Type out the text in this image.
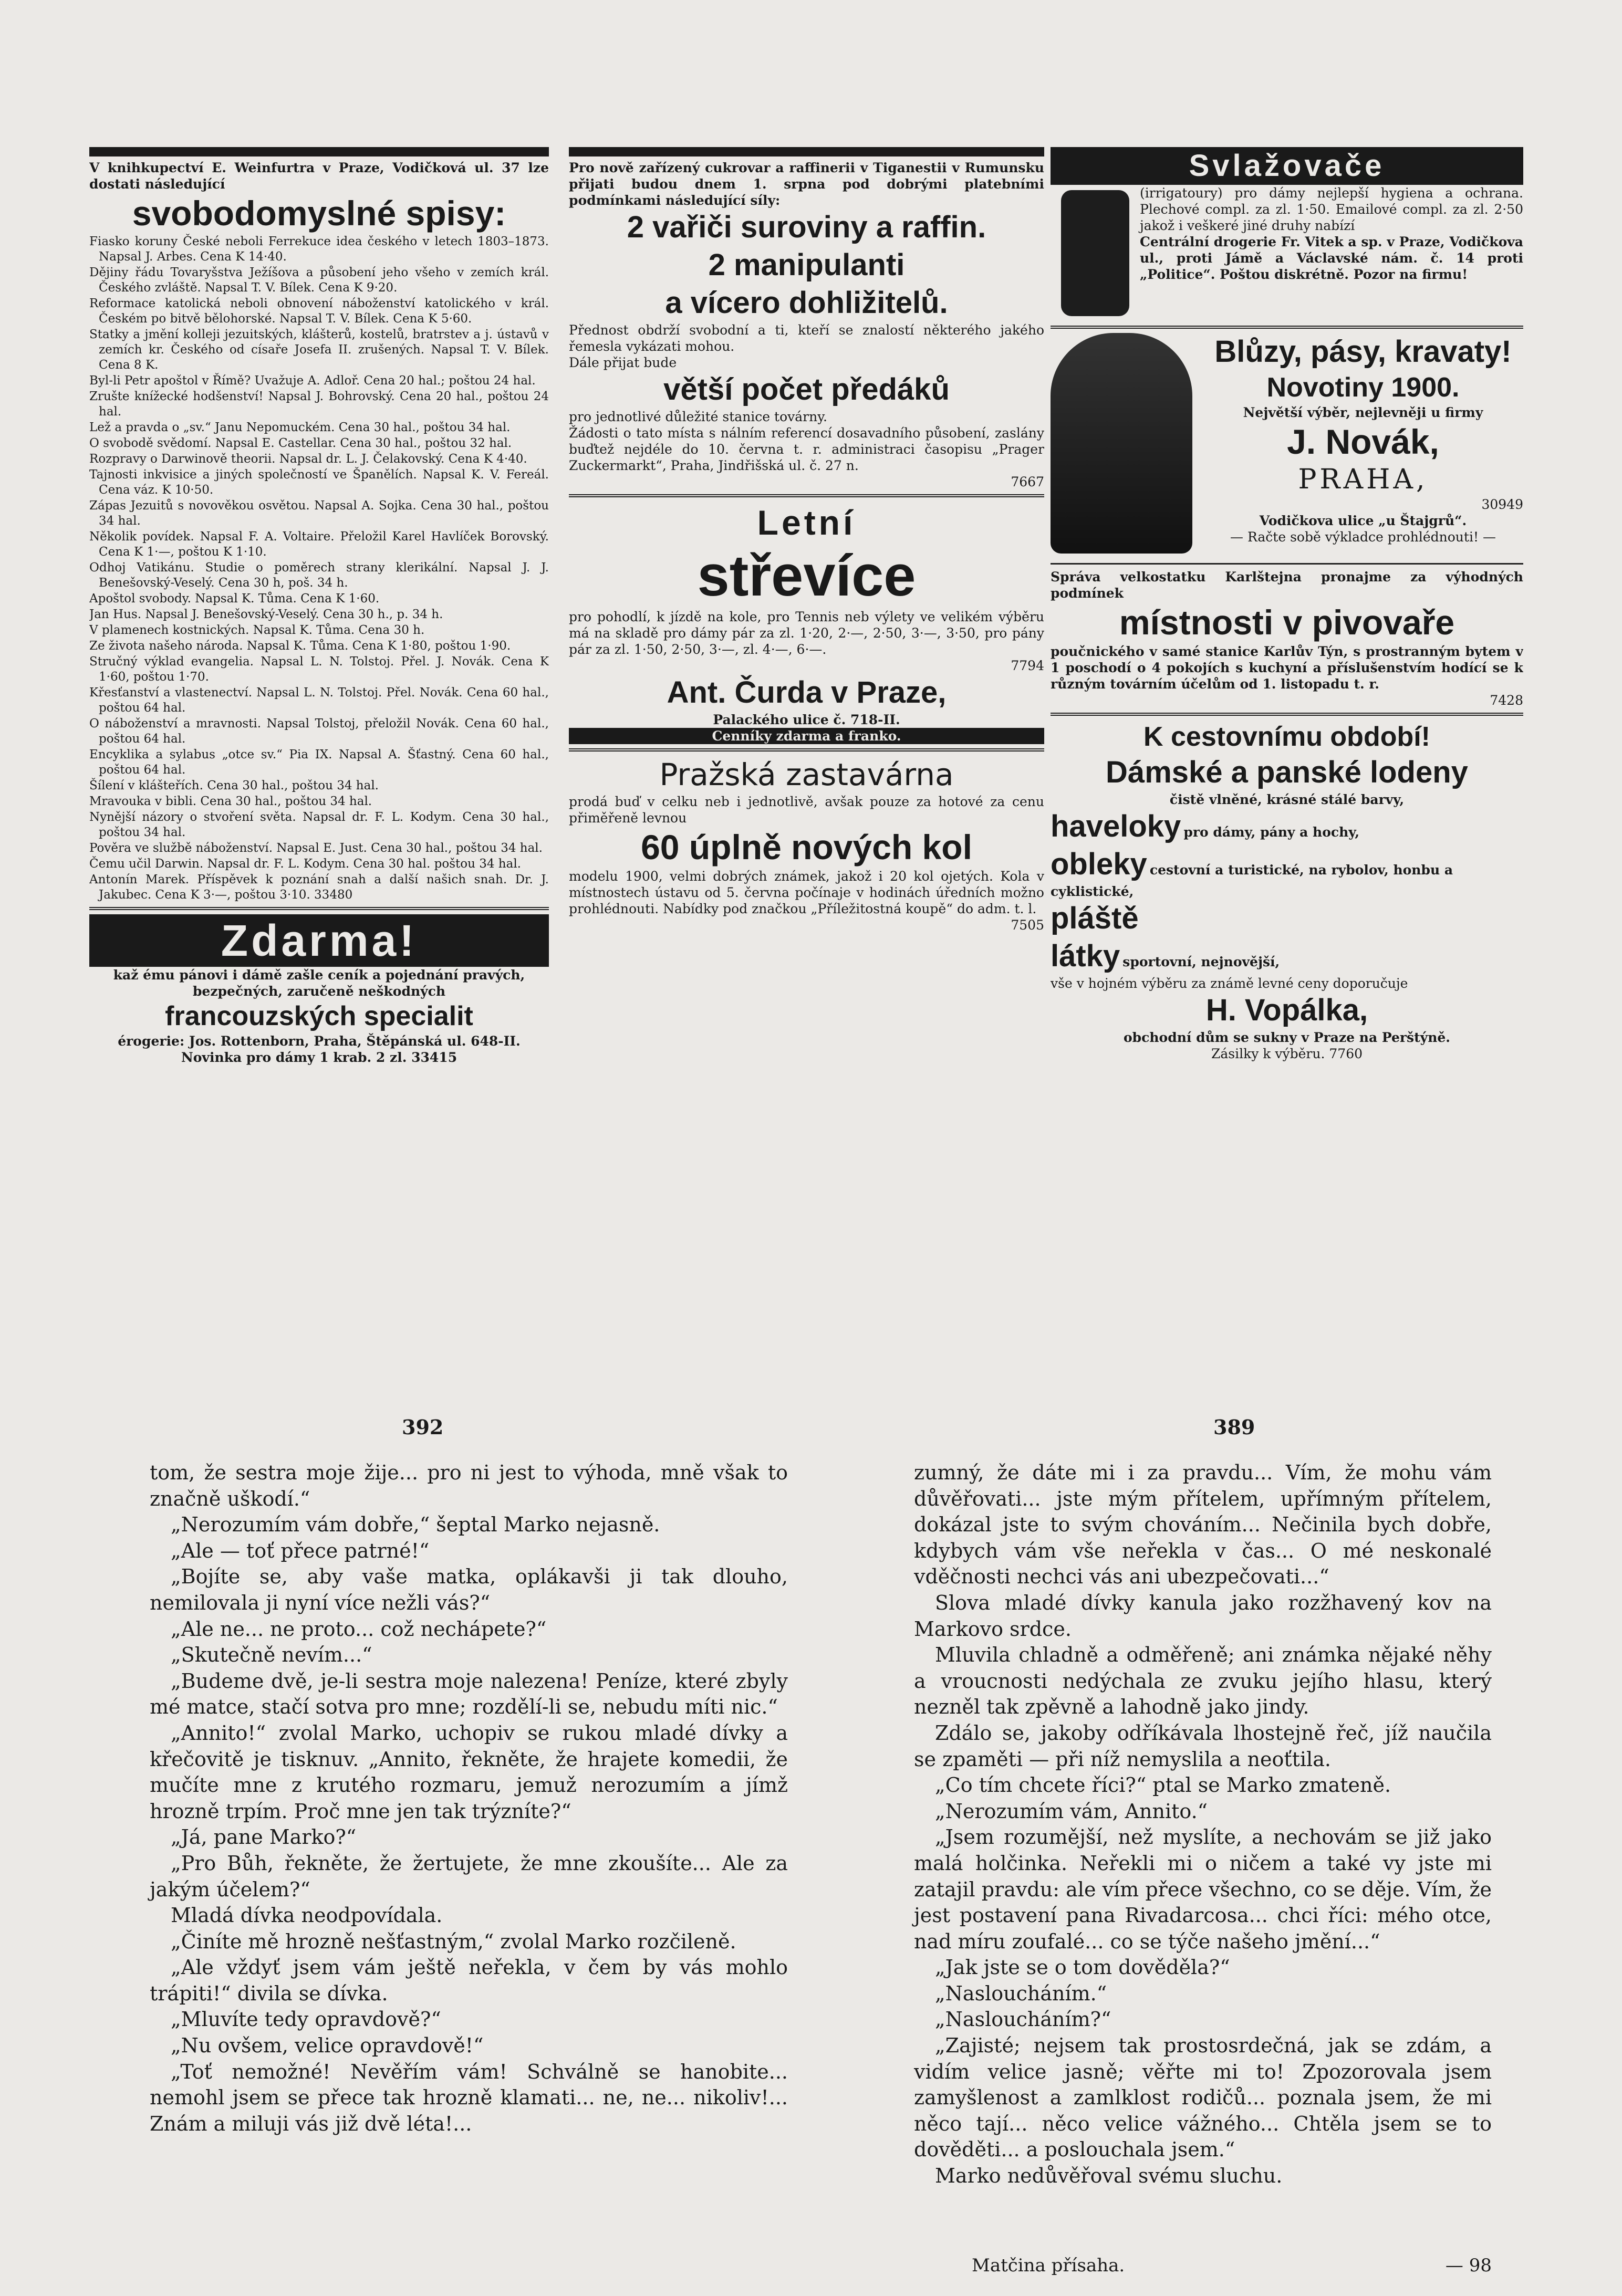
V knihkupectví E. Weinfurtra v Praze, Vodičková ul. 37 lze dostati následující

svobodomyslné spisy:

Fiasko koruny České neboli Ferrekuce idea českého v letech 1803–1873. Napsal J. Arbes. Cena K 14·40.

Dějiny řádu Tovaryšstva Ježíšova a působení jeho všeho v zemích král. Českého zvláště. Napsal T. V. Bílek. Cena K 9·20.

Reformace katolická neboli obnovení náboženství katolického v král. Českém po bitvě bělohorské. Napsal T. V. Bílek. Cena K 5·60.

Statky a jmění kolleji jezuitských, klášterů, kostelů, bratrstev a j. ústavů v zemích kr. Českého od císaře Josefa II. zrušených. Napsal T. V. Bílek. Cena 8 K.

Byl-li Petr apoštol v Římě? Uvažuje A. Adloř. Cena 20 hal.; poštou 24 hal.

Zrušte knížecké hodšenství! Napsal J. Bohrovský. Cena 20 hal., poštou 24 hal.

Lež a pravda o „sv.“ Janu Nepomuckém. Cena 30 hal., poštou 34 hal.

O svobodě svědomí. Napsal E. Castellar. Cena 30 hal., poštou 32 hal.

Rozpravy o Darwinově theorii. Napsal dr. L. J. Čelakovský. Cena K 4·40.

Tajnosti inkvisice a jiných společností ve Španělích. Napsal K. V. Fereál. Cena váz. K 10·50.

Zápas Jezuitů s novověkou osvětou. Napsal A. Sojka. Cena 30 hal., poštou 34 hal.

Několik povídek. Napsal F. A. Voltaire. Přeložil Karel Havlíček Borovský. Cena K 1·—, poštou K 1·10.

Odhoj Vatikánu. Studie o poměrech strany klerikální. Napsal J. J. Benešovský-Veselý. Cena 30 h, poš. 34 h.

Apoštol svobody. Napsal K. Tůma. Cena K 1·60.

Jan Hus. Napsal J. Benešovský-Veselý. Cena 30 h., p. 34 h.

V plamenech kostnických. Napsal K. Tůma. Cena 30 h.

Ze života našeho národa. Napsal K. Tůma. Cena K 1·80, poštou 1·90.

Stručný výklad evangelia. Napsal L. N. Tolstoj. Přel. J. Novák. Cena K 1·60, poštou 1·70.

Křesťanství a vlastenectví. Napsal L. N. Tolstoj. Přel. Novák. Cena 60 hal., poštou 64 hal.

O náboženství a mravnosti. Napsal Tolstoj, přeložil Novák. Cena 60 hal., poštou 64 hal.

Encyklika a sylabus „otce sv.“ Pia IX. Napsal A. Šťastný. Cena 60 hal., poštou 64 hal.

Šílení v klášteřích. Cena 30 hal., poštou 34 hal.

Mravouka v bibli. Cena 30 hal., poštou 34 hal.

Nynější názory o stvoření světa. Napsal dr. F. L. Kodym. Cena 30 hal., poštou 34 hal.

Pověra ve službě náboženství. Napsal E. Just. Cena 30 hal., poštou 34 hal.

Čemu učil Darwin. Napsal dr. F. L. Kodym. Cena 30 hal. poštou 34 hal.

Antonín Marek. Příspěvek k poznání snah a další našich snah. Dr. J. Jakubec. Cena K 3·—, poštou 3·10. 33480

Zdarma!

kaž ému pánovi i dámě zašle ceník a pojednání pravých, bezpečných, zaručeně neškodných

francouzských specialit

érogerie: Jos. Rottenborn, Praha, Štěpánská ul. 648-II. Novinka pro dámy 1 krab. 2 zl. 33415

Pro nově zařízený cukrovar a raffinerii v Tiganestii v Rumunsku přijati budou dnem 1. srpna pod dobrými platebními podmínkami následující síly:

2 vařiči suroviny a raffin.
2 manipulanti
a vícero dohližitelů.

Přednost obdrží svobodní a ti, kteří se znalostí některého jakého řemesla vykázati mohou.

Dále přijat bude

větší počet předáků

pro jednotlivé důležité stanice továrny.

Žádosti o tato místa s nálním referencí dosavadního působení, zaslány buďtež nejdéle do 10. června t. r. administraci časopisu „Prager Zuckermarkt“, Praha, Jindřišská ul. č. 27 n.

7667

Letní
střevíce

pro pohodlí, k jízdě na kole, pro Tennis neb výlety ve velikém výběru má na skladě pro dámy pár za zl. 1·20, 2·—, 2·50, 3·—, 3·50, pro pány pár za zl. 1·50, 2·50, 3·—, zl. 4·—, 6·—.

7794

Ant. Čurda v Praze,

Palackého ulice č. 718-II.

Cenníky zdarma a franko.
Pražská zastavárna

prodá buď v celku neb i jednotlivě, avšak pouze za hotové za cenu přiměřeně levnou

60 úplně nových kol

modelu 1900, velmi dobrých známek, jakož i 20 kol ojetých. Kola v místnostech ústavu od 5. června počínaje v hodinách úředních možno prohlédnouti. Nabídky pod značkou „Příležitostná koupě“ do adm. t. l.

7505

Svlažovače

(irrigatoury) pro dámy nejlepší hygiena a ochrana. Plechové compl. za zl. 1·50. Emailové compl. za zl. 2·50 jakož i veškeré jiné druhy nabízí

Centrální drogerie Fr. Vitek a sp. v Praze, Vodičkova ul., proti Jámě a Václavské nám. č. 14 proti „Politice“. Poštou diskrétně. Pozor na firmu!

Blůzy, pásy, kravaty!
Novotiny 1900.

Největší výběr, nejlevněji u firmy

J. Novák,
PRAHA,

30949

Vodičkova ulice „u Štajgrů“.

— Račte sobě výkladce prohlédnouti! —

Správa velkostatku Karlštejna pronajme za výhodných podmínek

místnosti v pivovaře

poučnického v samé stanice Karlův Týn, s prostranným bytem v 1 poschodí o 4 pokojích s kuchyní a příslušenstvím hodící se k různým továrním účelům od 1. listopadu t. r.

7428

K cestovnímu období!
Dámské a panské lodeny

čistě vlněné, krásné stálé barvy,

haveloky pro dámy, pány a hochy,
obleky cestovní a turistické, na rybolov, honbu a cyklistické,
pláště
látky sportovní, nejnovější,

vše v hojném výběru za známě levné ceny doporučuje

H. Vopálka,

obchodní dům se sukny v Praze na Perštýně.

Zásilky k výběru. 7760

392	389

tom, že sestra moje žije... pro ni jest to výhoda, mně však to značně uškodí.“

„Nerozumím vám dobře,“ šeptal Marko nejasně.

„Ale — toť přece patrné!“

„Bojíte se, aby vaše matka, oplákavši ji tak dlouho, nemilovala ji nyní více nežli vás?“

„Ale ne... ne proto... což nechápete?“

„Skutečně nevím...“

„Budeme dvě, je-li sestra moje nalezena! Peníze, které zbyly mé matce, stačí sotva pro mne; rozdělí-li se, nebudu míti nic.“

„Annito!“ zvolal Marko, uchopiv se rukou mladé dívky a křečovitě je tisknuv. „Annito, řekněte, že hrajete komedii, že mučíte mne z krutého rozmaru, jemuž nerozumím a jímž hrozně trpím. Proč mne jen tak trýzníte?“

„Já, pane Marko?“

„Pro Bůh, řekněte, že žertujete, že mne zkoušíte... Ale za jakým účelem?“

Mladá dívka neodpovídala.

„Činíte mě hrozně nešťastným,“ zvolal Marko rozčileně.

„Ale vždyť jsem vám ještě neřekla, v čem by vás mohlo trápiti!“ divila se dívka.

„Mluvíte tedy opravdově?“

„Nu ovšem, velice opravdově!“

„Toť nemožné! Nevěřím vám! Schválně se hanobite... nemohl jsem se přece tak hrozně klamati... ne, ne... nikoliv!... Znám a miluji vás již dvě léta!...

zumný, že dáte mi i za pravdu... Vím, že mohu vám důvěřovati... jste mým přítelem, upřímným přítelem, dokázal jste to svým chováním... Nečinila bych dobře, kdybych vám vše neřekla v čas... O mé neskonalé vděčnosti nechci vás ani ubezpečovati...“

Slova mladé dívky kanula jako rozžhavený kov na Markovo srdce.

Mluvila chladně a odměřeně; ani známka nějaké něhy a vroucnosti nedýchala ze zvuku jejího hlasu, který nezněl tak zpěvně a lahodně jako jindy.

Zdálo se, jakoby odříkávala lhostejně řeč, jíž naučila se zpaměti — při níž nemyslila a neoťtila.

„Co tím chcete říci?“ ptal se Marko zmateně.

„Nerozumím vám, Annito.“

„Jsem rozumější, než myslíte, a nechovám se již jako malá holčinka. Neřekli mi o ničem a také vy jste mi zatajil pravdu: ale vím přece všechno, co se děje. Vím, že jest postavení pana Rivadarcosa... chci říci: mého otce, nad míru zoufalé... co se týče našeho jmění...“

„Jak jste se o tom dověděla?“

„Nasloucháním.“

„Nasloucháním?“

„Zajisté; nejsem tak prostosrdečná, jak se zdám, a vidím velice jasně; věřte mi to! Zpozorovala jsem zamyšlenost a zamlklost rodičů... poznala jsem, že mi něco tají... něco velice vážného... Chtěla jsem se to dověděti... a poslouchala jsem.“

Marko nedůvěřoval svému sluchu.

Matčina přísaha.	— 98
